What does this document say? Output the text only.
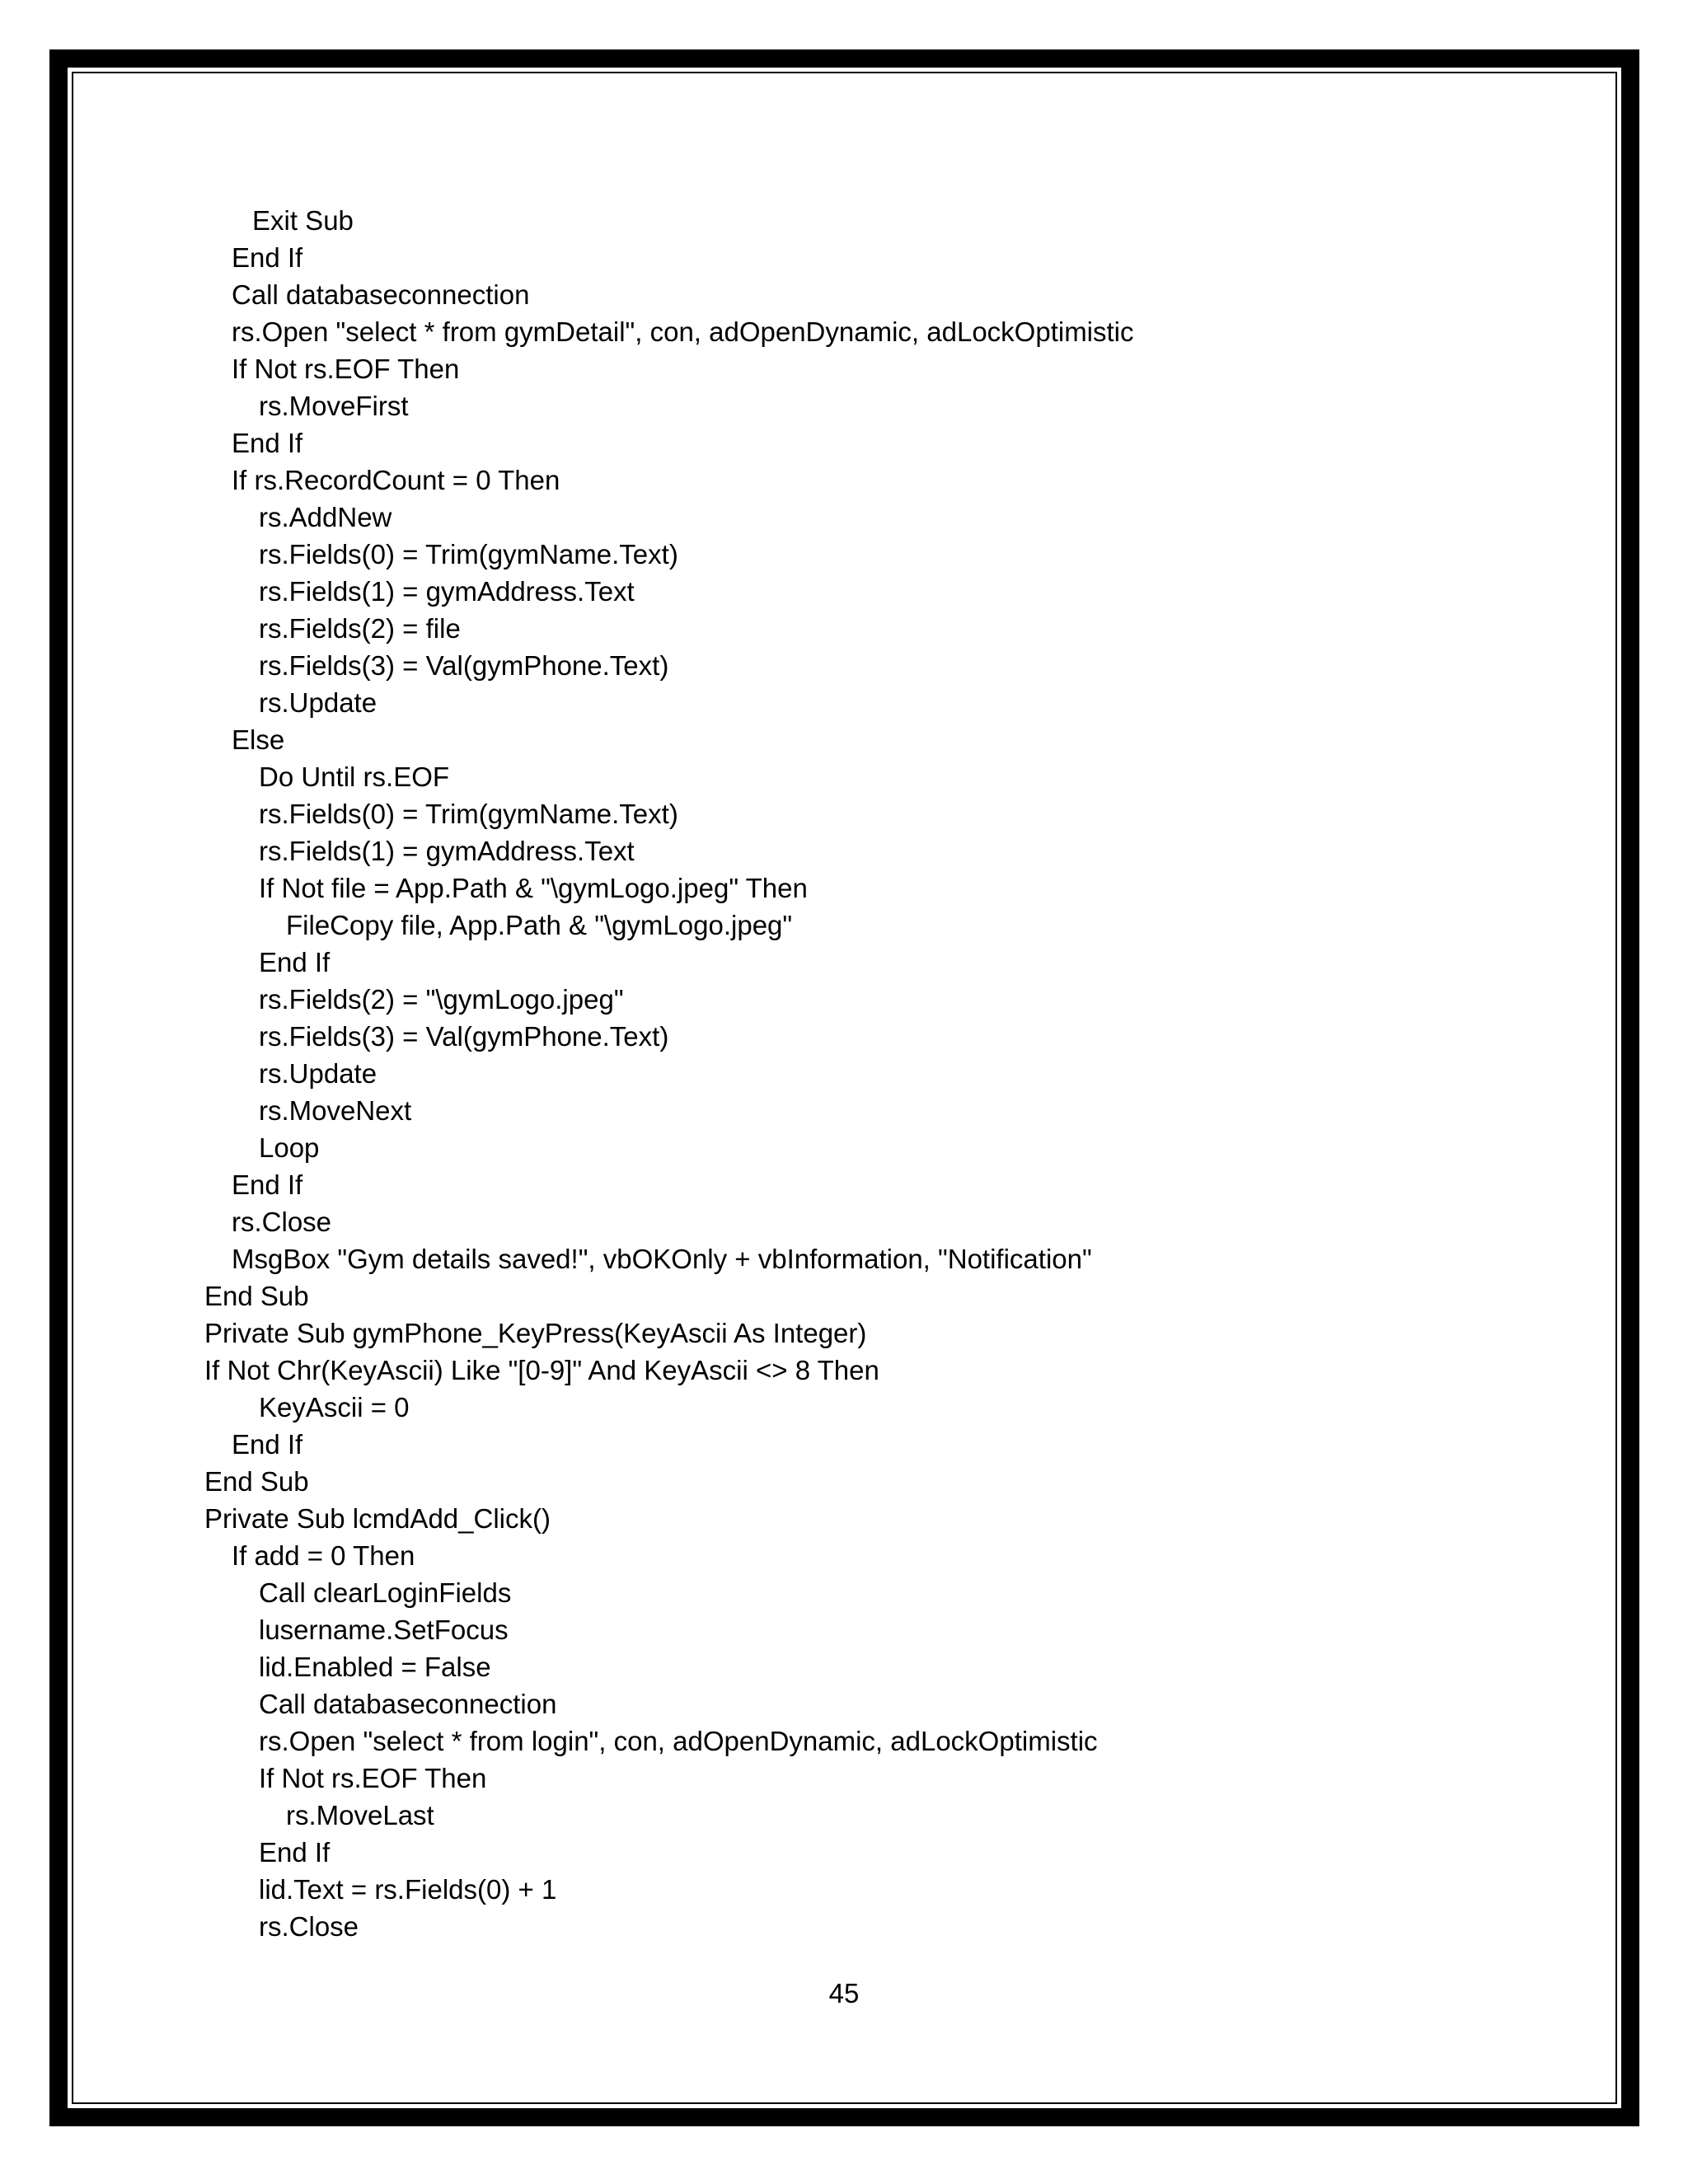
Exit Sub
End If
Call databaseconnection
rs.Open "select * from gymDetail", con, adOpenDynamic, adLockOptimistic
If Not rs.EOF Then
rs.MoveFirst
End If
If rs.RecordCount = 0 Then
rs.AddNew
rs.Fields(0) = Trim(gymName.Text)
rs.Fields(1) = gymAddress.Text
rs.Fields(2) = file
rs.Fields(3) = Val(gymPhone.Text)
rs.Update
Else
Do Until rs.EOF
rs.Fields(0) = Trim(gymName.Text)
rs.Fields(1) = gymAddress.Text
If Not file = App.Path & "\gymLogo.jpeg" Then
FileCopy file, App.Path & "\gymLogo.jpeg"
End If
rs.Fields(2) = "\gymLogo.jpeg"
rs.Fields(3) = Val(gymPhone.Text)
rs.Update
rs.MoveNext
Loop
End If
rs.Close
MsgBox "Gym details saved!", vbOKOnly + vbInformation, "Notification"
End Sub
Private Sub gymPhone_KeyPress(KeyAscii As Integer)
If Not Chr(KeyAscii) Like "[0-9]" And KeyAscii <> 8 Then
KeyAscii = 0
End If
End Sub
Private Sub lcmdAdd_Click()
If add = 0 Then
Call clearLoginFields
lusername.SetFocus
lid.Enabled = False
Call databaseconnection
rs.Open "select * from login", con, adOpenDynamic, adLockOptimistic
If Not rs.EOF Then
rs.MoveLast
End If
lid.Text = rs.Fields(0) + 1
rs.Close
45
